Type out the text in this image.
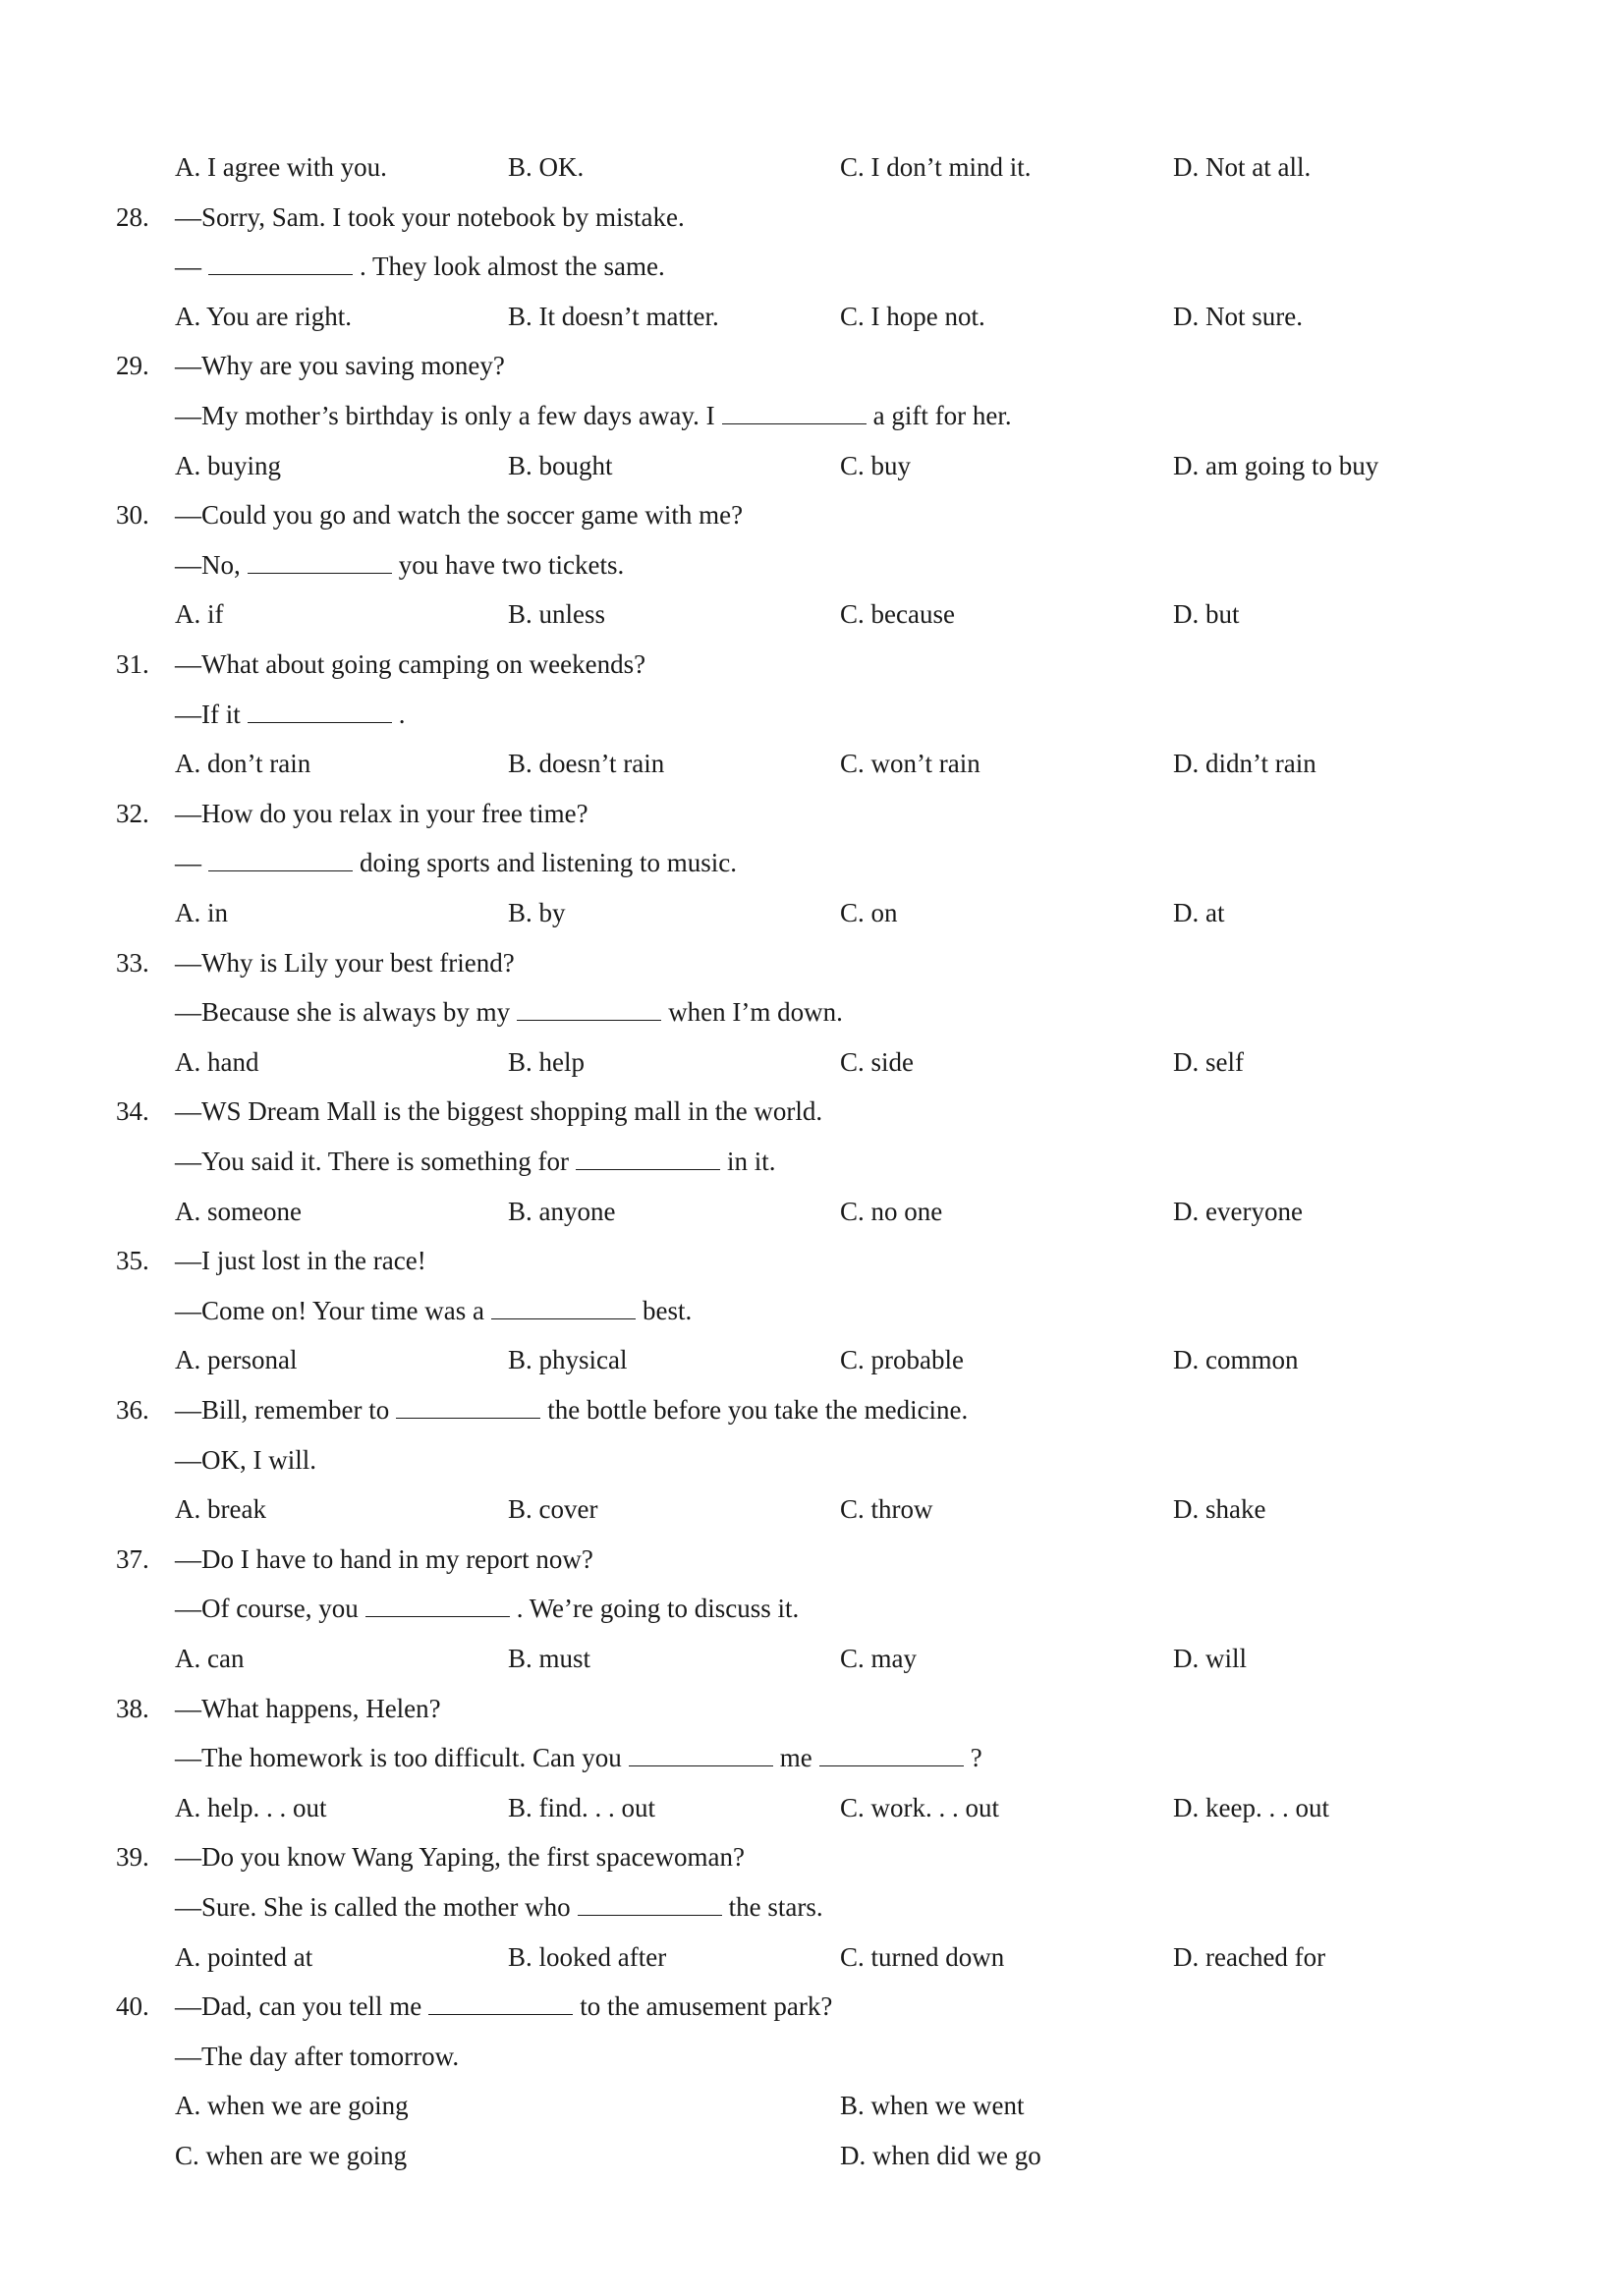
A. I agree with you.	B. OK.	C. I don’t mind it.	D. Not at all.
28. —Sorry, Sam. I took your notebook by mistake.
—	. They look almost the same.
A. You are right.	B. It doesn’t matter.	C. I hope not.	D. Not sure.
29. —Why are you saving money?
—My mother’s birthday is only a few days away. I	a gift for her.
A. buying	B. bought	C. buy	D. am going to buy
30. —Could you go and watch the soccer game with me?
—No,	you have two tickets.
A. if	B. unless	C. because	D. but
31. —What about going camping on weekends?
—If it	.
A. don’t rain	B. doesn’t rain	C. won’t rain	D. didn’t rain
32. —How do you relax in your free time?
—	doing sports and listening to music.
A. in	B. by	C. on	D. at
33. —Why is Lily your best friend?
—Because she is always by my	when I’m down.
A. hand	B. help	C. side	D. self
34. —WS Dream Mall is the biggest shopping mall in the world.
—You said it. There is something for	in it.
A. someone	B. anyone	C. no one	D. everyone
35. —I just lost in the race!
—Come on! Your time was a	best.
A. personal	B. physical	C. probable	D. common
36. —Bill, remember to	the bottle before you take the medicine.
—OK, I will.
A. break	B. cover	C. throw	D. shake
37. —Do I have to hand in my report now?
—Of course, you	. We’re going to discuss it.
A. can	B. must	C. may	D. will
38. —What happens, Helen?
—The homework is too difficult. Can you	me	?
A. help. . . out	B. find. . . out	C. work. . . out	D. keep. . . out
39. —Do you know Wang Yaping, the first spacewoman?
—Sure. She is called the mother who	the stars.
A. pointed at	B. looked after	C. turned down	D. reached for
40. —Dad, can you tell me	to the amusement park?
—The day after tomorrow.
A. when we are going	B. when we went
C. when are we going	D. when did we go
